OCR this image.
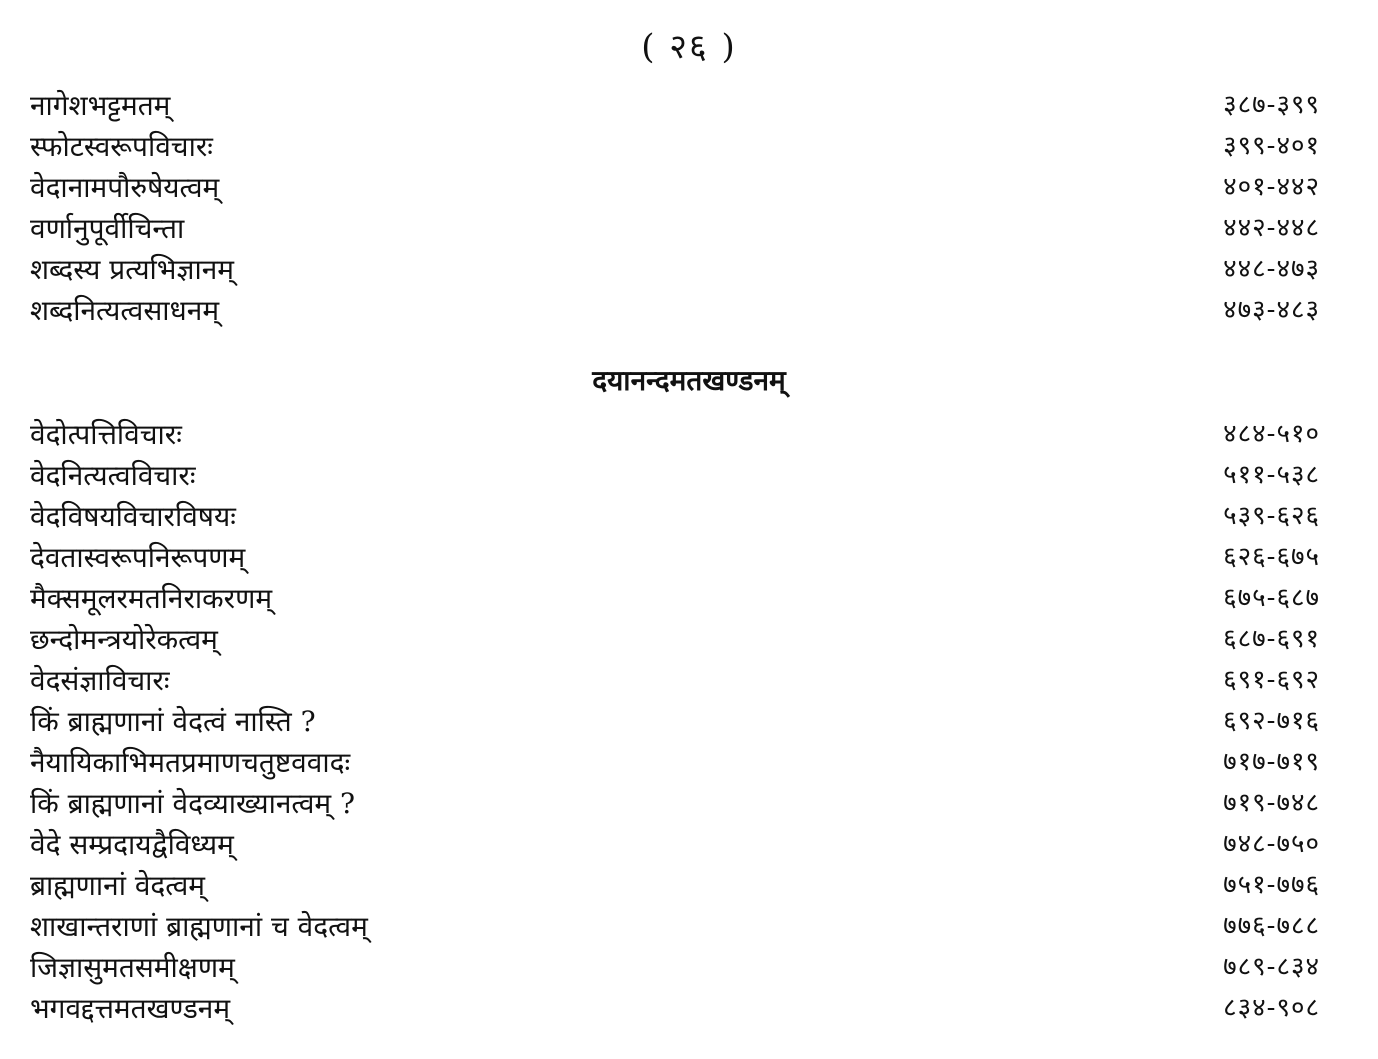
( २६ )
नागेशभट्टमतम्	३८७-३९९
स्फोटस्वरूपविचारः	३९९-४०१
वेदानामपौरुषेयत्वम्	४०१-४४२
वर्णानुपूर्वीचिन्ता	४४२-४४८
शब्दस्य प्रत्यभिज्ञानम्	४४८-४७३
शब्दनित्यत्वसाधनम्	४७३-४८३
दयानन्दमतखण्डनम्
वेदोत्पत्तिविचारः	४८४-५१०
वेदनित्यत्वविचारः	५११-५३८
वेदविषयविचारविषयः	५३९-६२६
देवतास्वरूपनिरूपणम्	६२६-६७५
मैक्समूलरमतनिराकरणम्	६७५-६८७
छन्दोमन्त्रयोरेकत्वम्	६८७-६९१
वेदसंज्ञाविचारः	६९१-६९२
किं ब्राह्मणानां वेदत्वं नास्ति ?	६९२-७१६
नैयायिकाभिमतप्रमाणचतुष्टववादः	७१७-७१९
किं ब्राह्मणानां वेदव्याख्यानत्वम् ?	७१९-७४८
वेदे सम्प्रदायद्वैविध्यम्	७४८-७५०
ब्राह्मणानां वेदत्वम्	७५१-७७६
शाखान्तराणां ब्राह्मणानां च वेदत्वम्	७७६-७८८
जिज्ञासुमतसमीक्षणम्	७८९-८३४
भगवद्दत्तमतखण्डनम्	८३४-९०८
